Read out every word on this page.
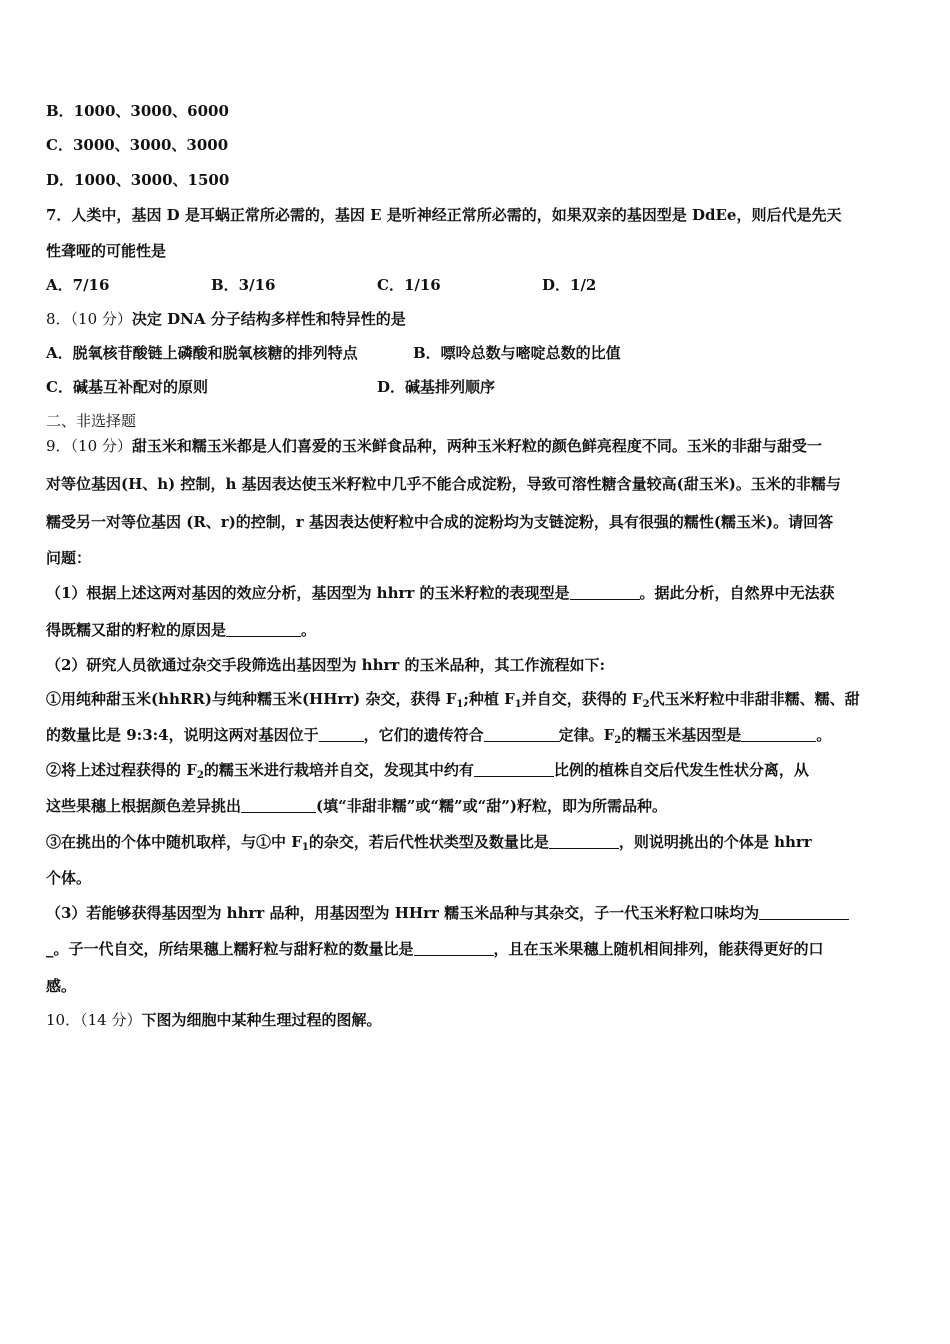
B．1000、3000、6000
C．3000、3000、3000
D．1000、3000、1500
7．人类中，基因 D 是耳蜗正常所必需的，基因 E 是听神经正常所必需的，如果双亲的基因型是 DdEe，则后代是先天
性聋哑的可能性是
A．7/16	B．3/16	C．1/16	D．1/2
8．（10 分）决定 DNA 分子结构多样性和特异性的是
A．脱氧核苷酸链上磷酸和脱氧核糖的排列特点	B．嘌呤总数与嘧啶总数的比值
C．碱基互补配对的原则	D．碱基排列顺序
二、非选择题
9．（10 分）甜玉米和糯玉米都是人们喜爱的玉米鲜食品种，两种玉米籽粒的颜色鲜亮程度不同。玉米的非甜与甜受一
对等位基因(H、h) 控制，h 基因表达使玉米籽粒中几乎不能合成淀粉，导致可溶性糖含量较高(甜玉米)。玉米的非糯与
糯受另一对等位基因 (R、r)的控制，r 基因表达使籽粒中合成的淀粉均为支链淀粉，具有很强的糯性(糯玉米)。请回答
问题：
（1）根据上述这两对基因的效应分析，基因型为 hhrr 的玉米籽粒的表现型是	。据此分析，自然界中无法获
得既糯又甜的籽粒的原因是	。
（2）研究人员欲通过杂交手段筛选出基因型为 hhrr 的玉米品种，其工作流程如下:
①用纯种甜玉米(hhRR)与纯种糯玉米(HHrr) 杂交，获得 $F_1$;种植 $F_1$并自交，获得的 $F_2$代玉米籽粒中非甜非糯、糯、甜
的数量比是 9:3:4，说明这两对基因位于	，它们的遗传符合	定律。$F_2$的糯玉米基因型是	。
②将上述过程获得的 $F_2$的糯玉米进行栽培并自交，发现其中约有	比例的植株自交后代发生性状分离，从
这些果穗上根据颜色差异挑出	(填“非甜非糯”或“糯”或“甜”)籽粒，即为所需品种。
③在挑出的个体中随机取样，与①中 $F_1$的杂交，若后代性状类型及数量比是	，则说明挑出的个体是 hhrr
个体。
（3）若能够获得基因型为 hhrr 品种，用基因型为 HHrr 糯玉米品种与其杂交，子一代玉米籽粒口味均为
_。子一代自交，所结果穗上糯籽粒与甜籽粒的数量比是	，且在玉米果穗上随机相间排列，能获得更好的口
感。
10．（14 分）下图为细胞中某种生理过程的图解。
